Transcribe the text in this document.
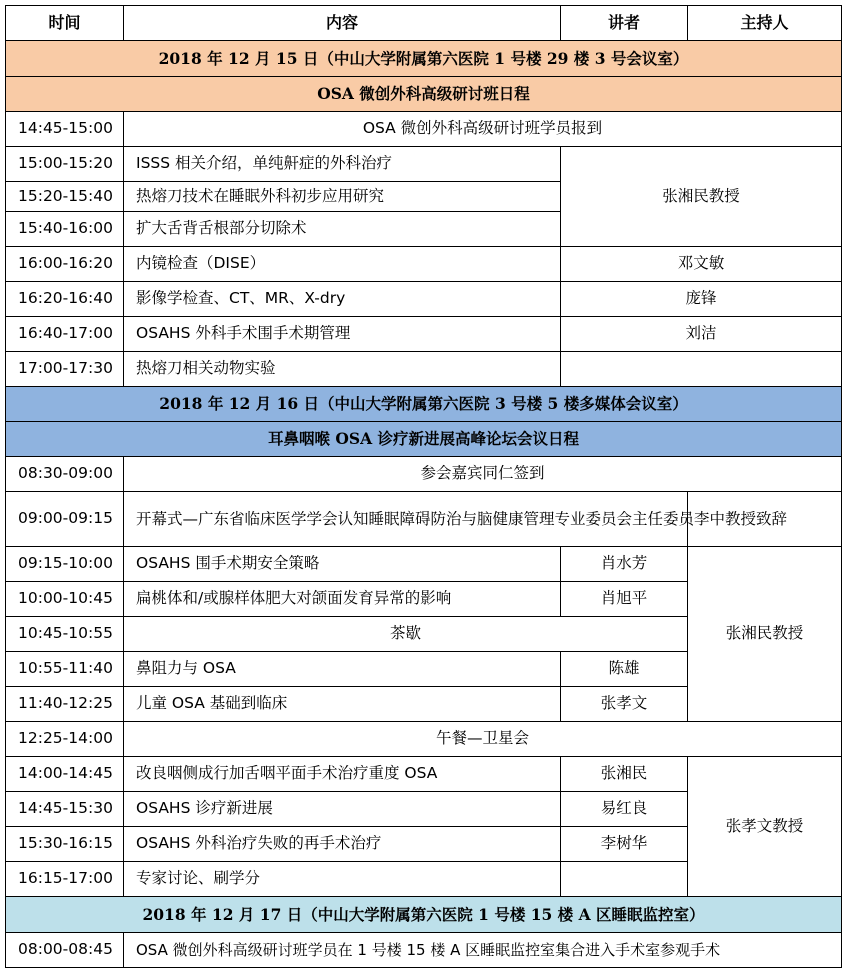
时间	内容	讲者	主持人
2018 年 12 月 15 日（中山大学附属第六医院 1 号楼 29 楼 3 号会议室）			
OSA 微创外科高级研讨班日程			
14:45-15:00	OSA 微创外科高级研讨班学员报到		
15:00-15:20	ISSS 相关介绍，单纯鼾症的外科治疗	张湘民教授	
15:20-15:40	热熔刀技术在睡眠外科初步应用研究		
15:40-16:00	扩大舌背舌根部分切除术		
16:00-16:20	内镜检查（DISE）	邓文敏	
16:20-16:40	影像学检查、CT、MR、X-dry	庞锋	
16:40-17:00	OSAHS 外科手术围手术期管理	刘洁	
17:00-17:30	热熔刀相关动物实验		
2018 年 12 月 16 日（中山大学附属第六医院 3 号楼 5 楼多媒体会议室）			
耳鼻咽喉 OSA 诊疗新进展高峰论坛会议日程			
08:30-09:00	参会嘉宾同仁签到		
09:00-09:15	开幕式—广东省临床医学学会认知睡眠障碍防治与脑健康管理专业委员会主任委员李中教授致辞		
09:15-10:00	OSAHS 围手术期安全策略	肖水芳	张湘民教授
10:00-10:45	扁桃体和/或腺样体肥大对颌面发育异常的影响	肖旭平	
10:45-10:55	茶歇		
10:55-11:40	鼻阻力与 OSA	陈雄	
11:40-12:25	儿童 OSA 基础到临床	张孝文	
12:25-14:00	午餐—卫星会		
14:00-14:45	改良咽侧成行加舌咽平面手术治疗重度 OSA	张湘民	张孝文教授
14:45-15:30	OSAHS 诊疗新进展	易红良	
15:30-16:15	OSAHS 外科治疗失败的再手术治疗	李树华	
16:15-17:00	专家讨论、刷学分		
2018 年 12 月 17 日（中山大学附属第六医院 1 号楼 15 楼 A 区睡眠监控室）			
08:00-08:45	OSA 微创外科高级研讨班学员在 1 号楼 15 楼 A 区睡眠监控室集合进入手术室参观手术		
